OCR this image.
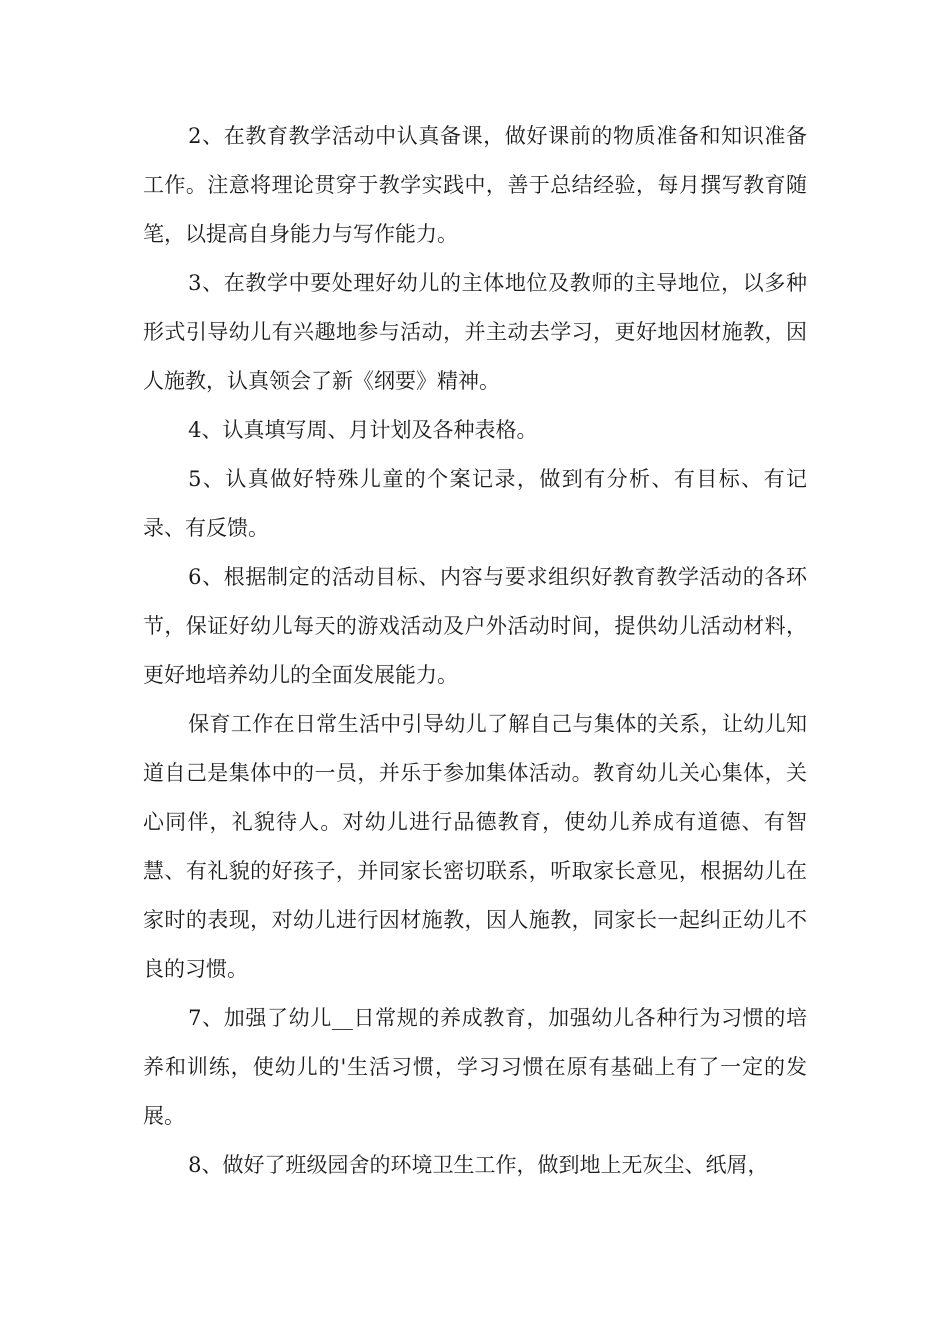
2、在教育教学活动中认真备课，做好课前的物质准备和知识准备工作。注意将理论贯穿于教学实践中，善于总结经验，每月撰写教育随笔，以提高自身能力与写作能力。

3、在教学中要处理好幼儿的主体地位及教师的主导地位，以多种形式引导幼儿有兴趣地参与活动，并主动去学习，更好地因材施教，因人施教，认真领会了新《纲要》精神。

4、认真填写周、月计划及各种表格。

5、认真做好特殊儿童的个案记录，做到有分析、有目标、有记录、有反馈。

6、根据制定的活动目标、内容与要求组织好教育教学活动的各环节，保证好幼儿每天的游戏活动及户外活动时间，提供幼儿活动材料，更好地培养幼儿的全面发展能力。

保育工作在日常生活中引导幼儿了解自己与集体的关系，让幼儿知道自己是集体中的一员，并乐于参加集体活动。教育幼儿关心集体，关心同伴，礼貌待人。对幼儿进行品德教育，使幼儿养成有道德、有智慧、有礼貌的好孩子，并同家长密切联系，听取家长意见，根据幼儿在家时的表现，对幼儿进行因材施教，因人施教，同家长一起纠正幼儿不良的习惯。

7、加强了幼儿__日常规的养成教育，加强幼儿各种行为习惯的培养和训练，使幼儿的'生活习惯，学习习惯在原有基础上有了一定的发展。

8、做好了班级园舍的环境卫生工作，做到地上无灰尘、纸屑，
